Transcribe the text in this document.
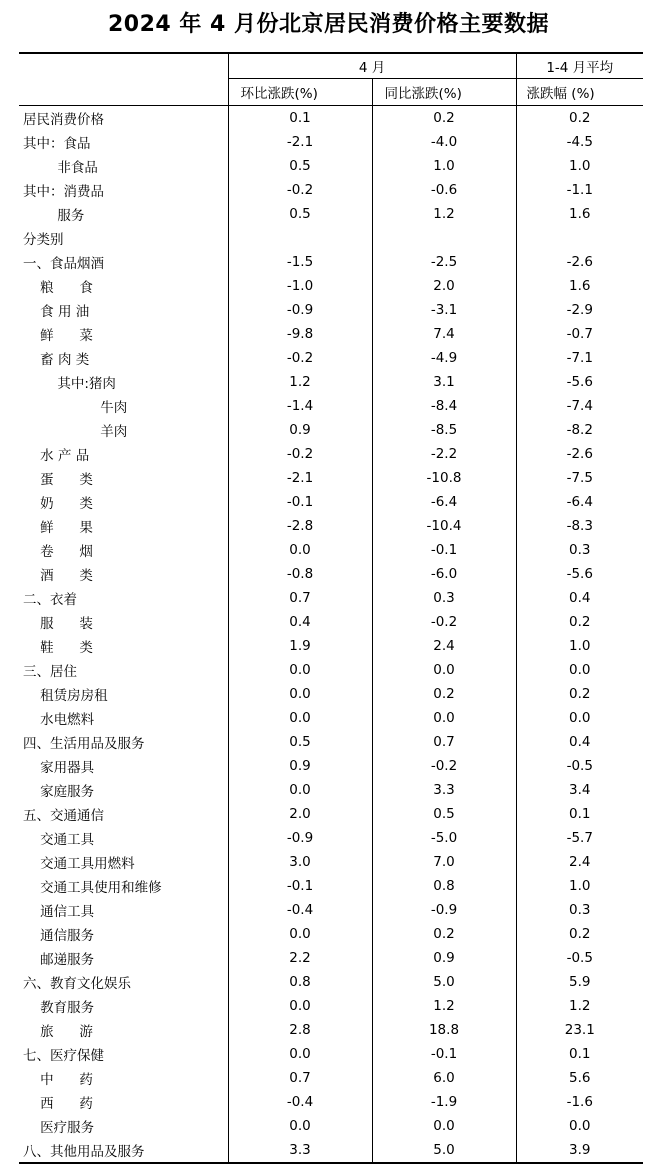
2024 年 4 月份北京居民消费价格主要数据
	4 月		1-4 月平均
	环比涨跌(%)	同比涨跌(%)	涨跌幅 (%)
居民消费价格	0.1	0.2	0.2
其中：食品	-2.1	-4.0	-4.5
非食品	0.5	1.0	1.0
其中：消费品	-0.2	-0.6	-1.1
服务	0.5	1.2	1.6
分类别			
一、食品烟酒	-1.5	-2.5	-2.6
粮      食	-1.0	2.0	1.6
食 用 油	-0.9	-3.1	-2.9
鲜      菜	-9.8	7.4	-0.7
畜 肉 类	-0.2	-4.9	-7.1
其中:猪肉	1.2	3.1	-5.6
牛肉	-1.4	-8.4	-7.4
羊肉	0.9	-8.5	-8.2
水 产 品	-0.2	-2.2	-2.6
蛋      类	-2.1	-10.8	-7.5
奶      类	-0.1	-6.4	-6.4
鲜      果	-2.8	-10.4	-8.3
卷      烟	0.0	-0.1	0.3
酒      类	-0.8	-6.0	-5.6
二、衣着	0.7	0.3	0.4
服      装	0.4	-0.2	0.2
鞋      类	1.9	2.4	1.0
三、居住	0.0	0.0	0.0
租赁房房租	0.0	0.2	0.2
水电燃料	0.0	0.0	0.0
四、生活用品及服务	0.5	0.7	0.4
家用器具	0.9	-0.2	-0.5
家庭服务	0.0	3.3	3.4
五、交通通信	2.0	0.5	0.1
交通工具	-0.9	-5.0	-5.7
交通工具用燃料	3.0	7.0	2.4
交通工具使用和维修	-0.1	0.8	1.0
通信工具	-0.4	-0.9	0.3
通信服务	0.0	0.2	0.2
邮递服务	2.2	0.9	-0.5
六、教育文化娱乐	0.8	5.0	5.9
教育服务	0.0	1.2	1.2
旅      游	2.8	18.8	23.1
七、医疗保健	0.0	-0.1	0.1
中      药	0.7	6.0	5.6
西      药	-0.4	-1.9	-1.6
医疗服务	0.0	0.0	0.0
八、其他用品及服务	3.3	5.0	3.9
